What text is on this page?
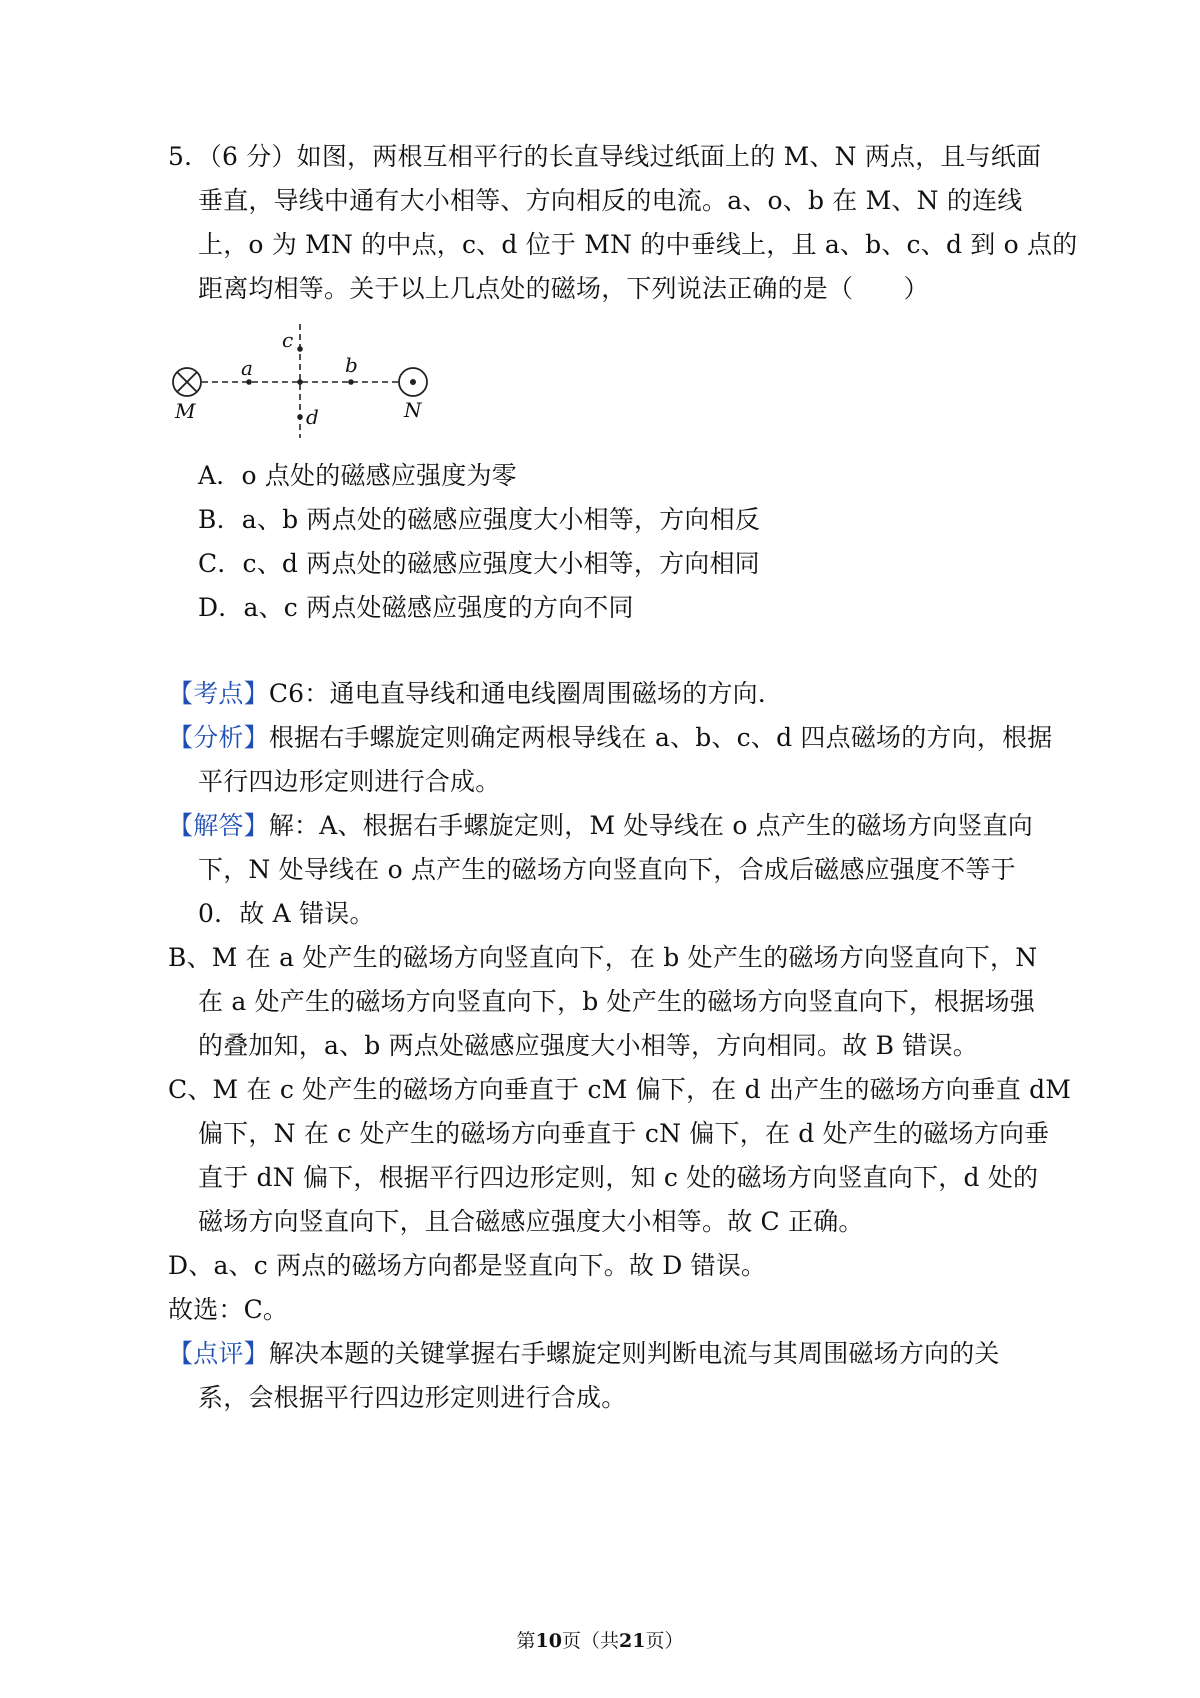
5．（6 分）如图，两根互相平行的长直导线过纸面上的 M、N 两点，且与纸面
垂直，导线中通有大小相等、方向相反的电流。a、o、b 在 M、N 的连线
上，o 为 MN 的中点，c、d 位于 MN 的中垂线上，且 a、b、c、d 到 o 点的
距离均相等。关于以上几点处的磁场，下列说法正确的是（　　）
M	N
a	b
c
d
A．o 点处的磁感应强度为零
B．a、b 两点处的磁感应强度大小相等，方向相反
C．c、d 两点处的磁感应强度大小相等，方向相同
D．a、c 两点处磁感应强度的方向不同
【考点】C6：通电直导线和通电线圈周围磁场的方向．
【分析】根据右手螺旋定则确定两根导线在 a、b、c、d 四点磁场的方向，根据
平行四边形定则进行合成。
【解答】解：A、根据右手螺旋定则，M 处导线在 o 点产生的磁场方向竖直向
下，N 处导线在 o 点产生的磁场方向竖直向下，合成后磁感应强度不等于
0．故 A 错误。
B、M 在 a 处产生的磁场方向竖直向下，在 b 处产生的磁场方向竖直向下，N
在 a 处产生的磁场方向竖直向下，b 处产生的磁场方向竖直向下，根据场强
的叠加知，a、b 两点处磁感应强度大小相等，方向相同。故 B 错误。
C、M 在 c 处产生的磁场方向垂直于 cM 偏下，在 d 出产生的磁场方向垂直 dM
偏下，N 在 c 处产生的磁场方向垂直于 cN 偏下，在 d 处产生的磁场方向垂
直于 dN 偏下，根据平行四边形定则，知 c 处的磁场方向竖直向下，d 处的
磁场方向竖直向下，且合磁感应强度大小相等。故 C 正确。
D、a、c 两点的磁场方向都是竖直向下。故 D 错误。
故选：C。
【点评】解决本题的关键掌握右手螺旋定则判断电流与其周围磁场方向的关
系，会根据平行四边形定则进行合成。
第10页（共21页）
